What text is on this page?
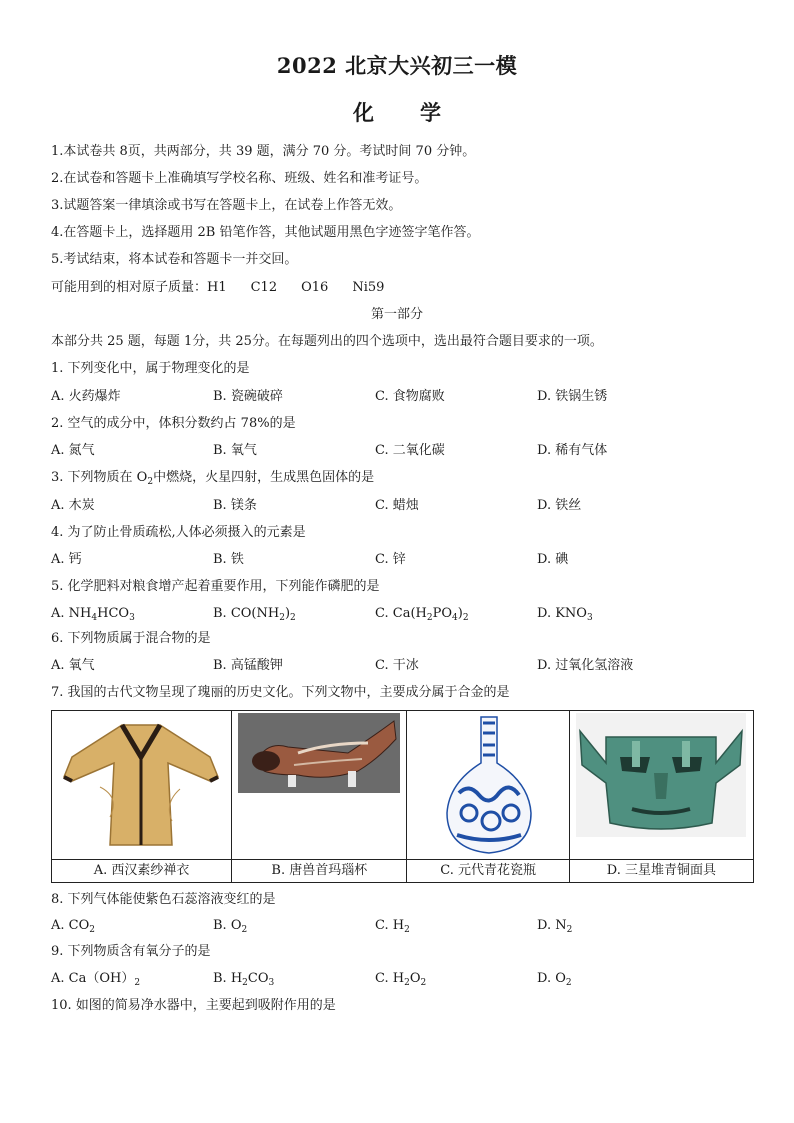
2022 北京大兴初三一模
化 学
1.本试卷共 8页，共两部分，共 39 题，满分 70 分。考试时间 70 分钟。
2.在试卷和答题卡上准确填写学校名称、班级、姓名和准考证号。
3.试题答案一律填涂或书写在答题卡上，在试卷上作答无效。
4.在答题卡上，选择题用 2B 铅笔作答，其他试题用黑色字迹签字笔作答。
5.考试结束，将本试卷和答题卡一并交回。
可能用到的相对原子质量：H1 C12 O16 Ni59
第一部分
本部分共 25 题，每题 1分，共 25分。在每题列出的四个选项中，选出最符合题目要求的一项。
1. 下列变化中，属于物理变化的是
A. 火药爆炸	B. 瓷碗破碎	C. 食物腐败	D. 铁锅生锈
2. 空气的成分中，体积分数约占 78%的是
A. 氮气	B. 氧气	C. 二氧化碳	D. 稀有气体
3. 下列物质在 $O_2$中燃烧，火星四射，生成黑色固体的是
A. 木炭	B. 镁条	C. 蜡烛	D. 铁丝
4. 为了防止骨质疏松,人体必须摄入的元素是
A. 钙	B. 铁	C. 锌	D. 碘
5. 化学肥料对粮食增产起着重要作用，下列能作磷肥的是
A. $NH_4HCO_3$	B. $CO(NH_2)_2$	C. $Ca(H_2PO_4)_2$	D. $KNO_3$
6. 下列物质属于混合物的是
A. 氧气	B. 高锰酸钾	C. 干冰	D. 过氧化氢溶液
7. 我国的古代文物呈现了瑰丽的历史文化。下列文物中，主要成分属于合金的是

A. 西汉素纱禅衣	B. 唐兽首玛瑙杯	C. 元代青花瓷瓶	D. 三星堆青铜面具
8. 下列气体能使紫色石蕊溶液变红的是
A. $CO_2$	B. $O_2$	C. $H_2$	D. $N_2$
9. 下列物质含有氧分子的是
A. $Ca(OH)_2$	B. $H_2CO_3$	C. $H_2O_2$	D. $O_2$
10. 如图的简易净水器中，主要起到吸附作用的是
